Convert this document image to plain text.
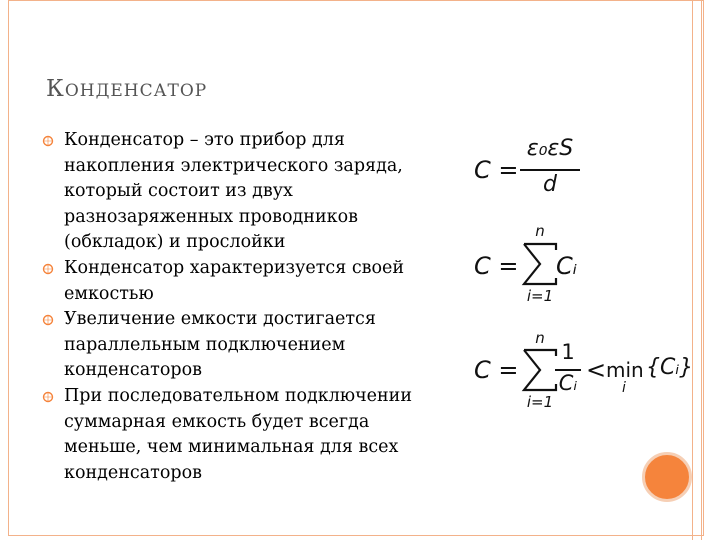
КОНДЕНСАТОР
Конденсатор – это прибор для накопления электрического заряда, который состоит из двух разнозаряженных проводников (обкладок) и прослойки
Конденсатор характеризуется своей емкостью
Увеличение емкости достигается параллельным подключением конденсаторов
При последовательном подключении суммарная емкость будет всегда меньше, чем минимальная для всех конденсаторов
C =
ε₀εS
d
C =
n
i=1
Cᵢ
C =
n
i=1
1
Cᵢ < min
i
{Cᵢ}
